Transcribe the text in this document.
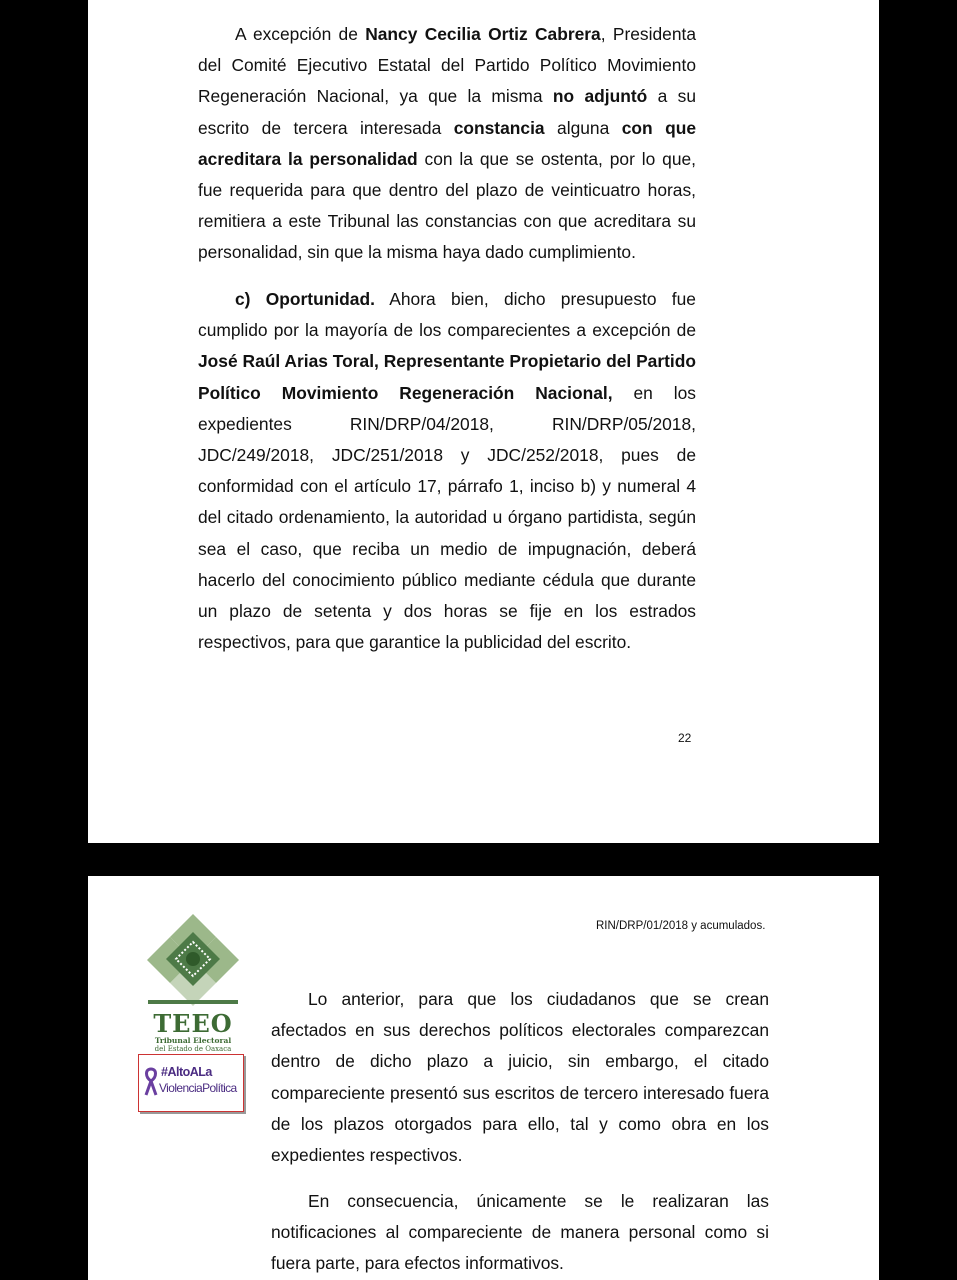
A excepción de Nancy Cecilia Ortiz Cabrera, Presidenta del Comité Ejecutivo Estatal del Partido Político Movimiento Regeneración Nacional, ya que la misma no adjuntó a su escrito de tercera interesada constancia alguna con que acreditara la personalidad con la que se ostenta, por lo que, fue requerida para que dentro del plazo de veinticuatro horas, remitiera a este Tribunal las constancias con que acreditara su personalidad, sin que la misma haya dado cumplimiento.

c) Oportunidad. Ahora bien, dicho presupuesto fue cumplido por la mayoría de los comparecientes a excepción de José Raúl Arias Toral, Representante Propietario del Partido Político Movimiento Regeneración Nacional, en los expedientes RIN/DRP/04/2018, RIN/DRP/05/2018, JDC/249/2018, JDC/251/2018 y JDC/252/2018, pues de conformidad con el artículo 17, párrafo 1, inciso b) y numeral 4 del citado ordenamiento, la autoridad u órgano partidista, según sea el caso, que reciba un medio de impugnación, deberá hacerlo del conocimiento público mediante cédula que durante un plazo de setenta y dos horas se fije en los estrados respectivos, para que garantice la publicidad del escrito.

22
RIN/DRP/01/2018 y acumulados.
TEEO
Tribunal Electoral
del Estado de Oaxaca
#AltoALa
ViolenciaPolítica

Lo anterior, para que los ciudadanos que se crean afectados en sus derechos políticos electorales comparezcan dentro de dicho plazo a juicio, sin embargo, el citado compareciente presentó sus escritos de tercero interesado fuera de los plazos otorgados para ello, tal y como obra en los expedientes respectivos.

En consecuencia, únicamente se le realizaran las notificaciones al compareciente de manera personal como si fuera parte, para efectos informativos.
